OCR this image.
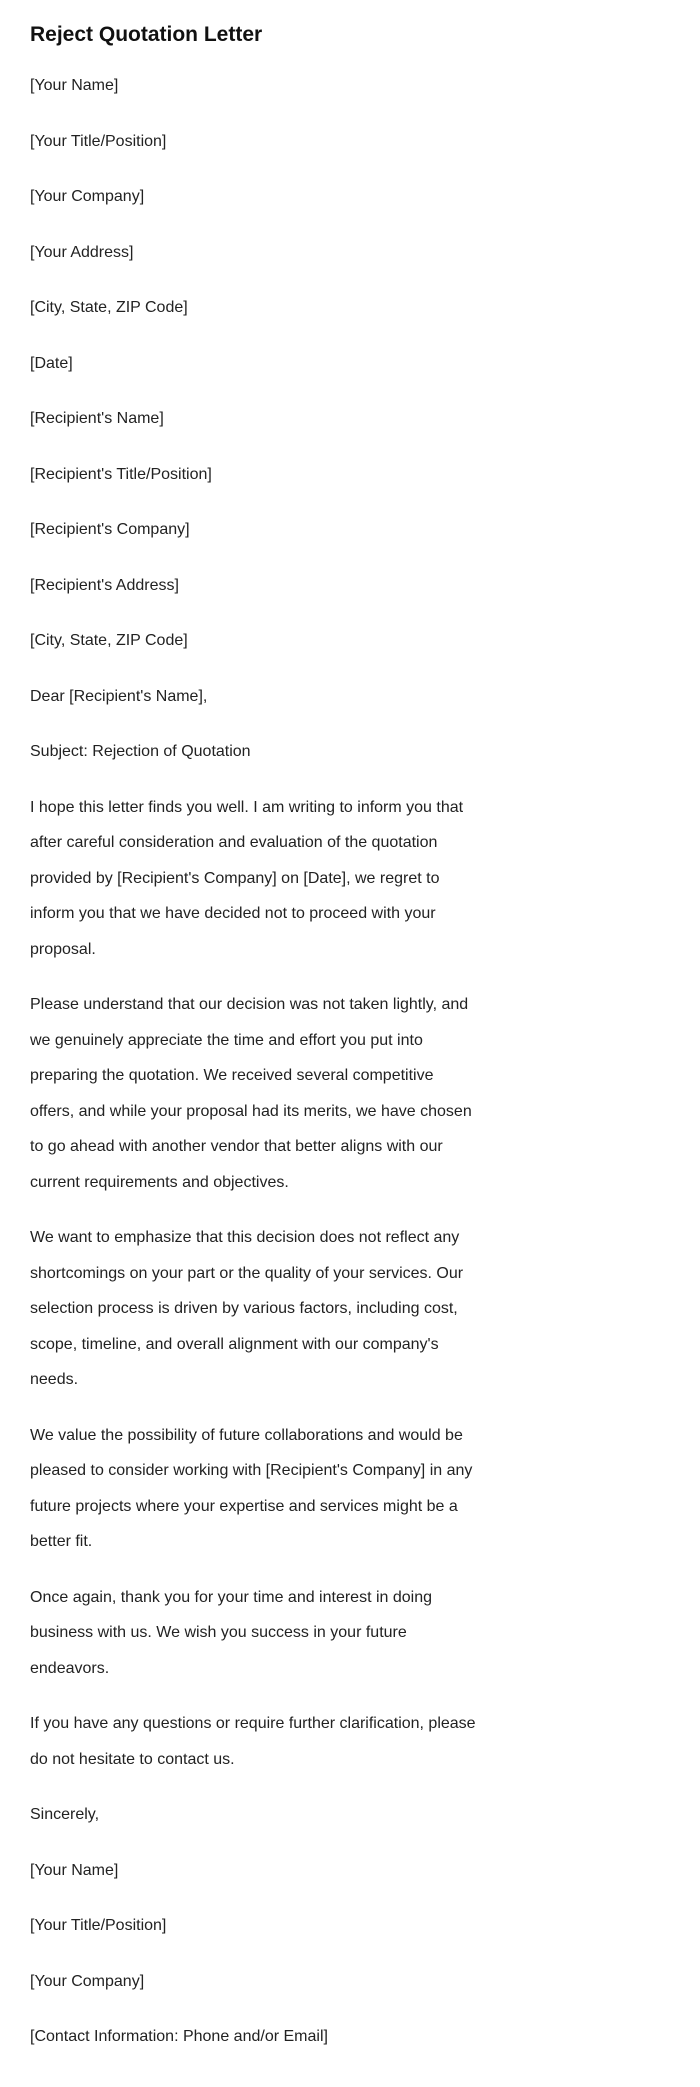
Reject Quotation Letter

[Your Name]

[Your Title/Position]

[Your Company]

[Your Address]

[City, State, ZIP Code]

[Date]

[Recipient's Name]

[Recipient's Title/Position]

[Recipient's Company]

[Recipient's Address]

[City, State, ZIP Code]

Dear [Recipient's Name],

Subject: Rejection of Quotation

I hope this letter finds you well. I am writing to inform you that after careful consideration and evaluation of the quotation provided by [Recipient's Company] on [Date], we regret to inform you that we have decided not to proceed with your proposal.

Please understand that our decision was not taken lightly, and we genuinely appreciate the time and effort you put into preparing the quotation. We received several competitive offers, and while your proposal had its merits, we have chosen to go ahead with another vendor that better aligns with our current requirements and objectives.

We want to emphasize that this decision does not reflect any shortcomings on your part or the quality of your services. Our selection process is driven by various factors, including cost, scope, timeline, and overall alignment with our company's needs.

We value the possibility of future collaborations and would be pleased to consider working with [Recipient's Company] in any future projects where your expertise and services might be a better fit.

Once again, thank you for your time and interest in doing business with us. We wish you success in your future endeavors.

If you have any questions or require further clarification, please do not hesitate to contact us.

Sincerely,

[Your Name]

[Your Title/Position]

[Your Company]

[Contact Information: Phone and/or Email]
